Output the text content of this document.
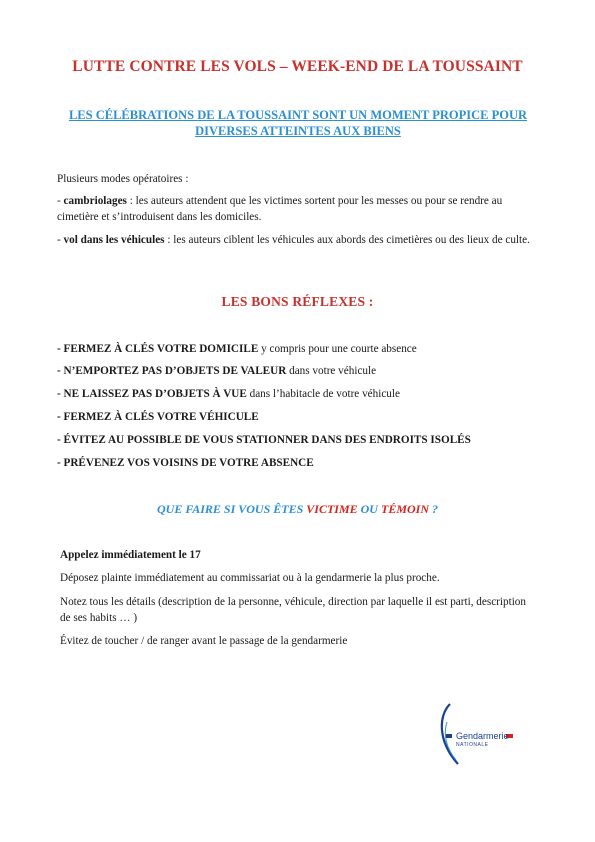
LUTTE CONTRE LES VOLS – WEEK-END DE LA TOUSSAINT
LES CÉLÉBRATIONS DE LA TOUSSAINT SONT UN MOMENT PROPICE POUR DIVERSES ATTEINTES AUX BIENS
Plusieurs modes opératoires :
- cambriolages : les auteurs attendent que les victimes sortent pour les messes ou pour se rendre au cimetière et s’introduisent dans les domiciles.
- vol dans les véhicules : les auteurs ciblent les véhicules aux abords des cimetières ou des lieux de culte.
LES BONS RÉFLEXES :
- FERMEZ À CLÉS VOTRE DOMICILE y compris pour une courte absence
- N’EMPORTEZ PAS D’OBJETS DE VALEUR dans votre véhicule
- NE LAISSEZ PAS D’OBJETS À VUE dans l’habitacle de votre véhicule
- FERMEZ À CLÉS VOTRE VÉHICULE
- ÉVITEZ AU POSSIBLE DE VOUS STATIONNER DANS DES ENDROITS ISOLÉS
- PRÉVENEZ VOS VOISINS DE VOTRE ABSENCE
QUE FAIRE SI VOUS ÊTES VICTIME OU TÉMOIN ?
Appelez immédiatement le 17
Déposez plainte immédiatement au commissariat ou à la gendarmerie la plus proche.
Notez tous les détails (description de la personne, véhicule, direction par laquelle il est parti, description de ses habits … )
Évitez de toucher / de ranger avant le passage de la gendarmerie
Gendarmerie
NATIONALE
